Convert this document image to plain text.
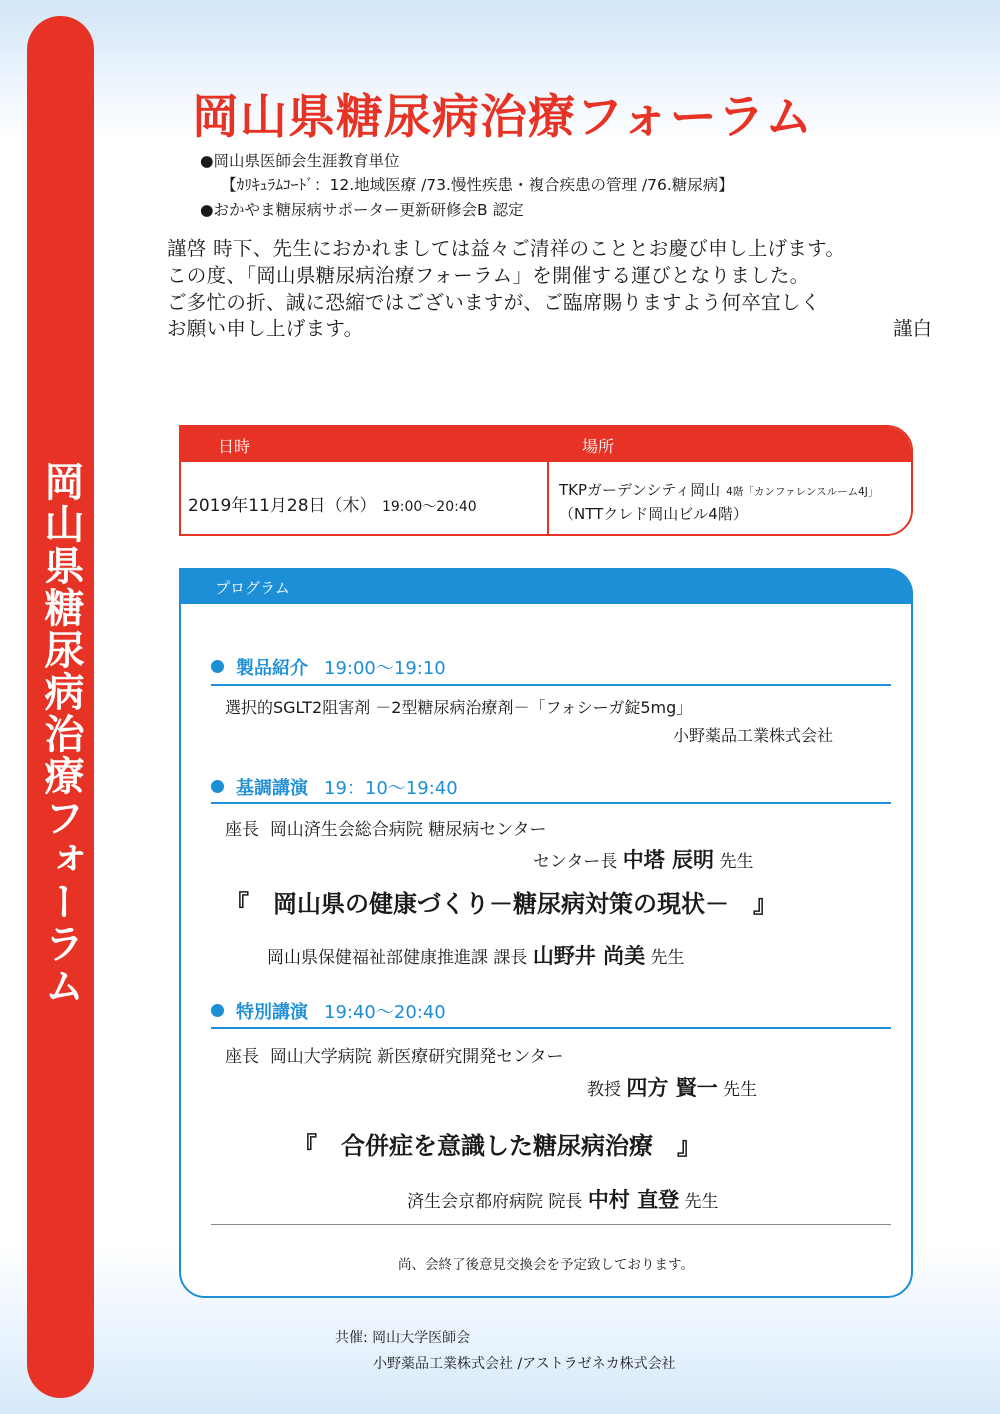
岡山県糖尿病治療フォーラム
岡山県糖尿病治療フォーラム
●岡山県医師会生涯教育単位
【ｶﾘｷｭﾗﾑｺｰﾄﾞ：12.地域医療 /73.慢性疾患・複合疾患の管理 /76.糖尿病】
●おかやま糖尿病サポーター更新研修会B 認定
謹啓 時下、先生におかれましては益々ご清祥のこととお慶び申し上げます。
この度、「岡山県糖尿病治療フォーラム」を開催する運びとなりました。
ご多忙の折、誠に恐縮ではございますが、ご臨席賜りますよう何卒宜しく
お願い申し上げます。	謹白
日時	場所
2019年11月28日（木） 19:00〜20:40
TKPガーデンシティ岡山 4階「カンファレンスルーム4J」
（NTTクレド岡山ビル4階）
プログラム
製品紹介 19:00〜19:10
選択的SGLT2阻害剤 －2型糖尿病治療剤－「フォシーガ錠5mg」
小野薬品工業株式会社
基調講演 19：10〜19:40
座長 岡山済生会総合病院 糖尿病センター
センター長 中塔 辰明 先生
『　岡山県の健康づくり－糖尿病対策の現状－　』
岡山県保健福祉部健康推進課 課長 山野井 尚美 先生
特別講演 19:40〜20:40
座長 岡山大学病院 新医療研究開発センター
教授 四方 賢一 先生
『　合併症を意識した糖尿病治療　』
済生会京都府病院 院長 中村 直登 先生
尚、会終了後意見交換会を予定致しております。
共催: 岡山大学医師会
小野薬品工業株式会社 /アストラゼネカ株式会社
